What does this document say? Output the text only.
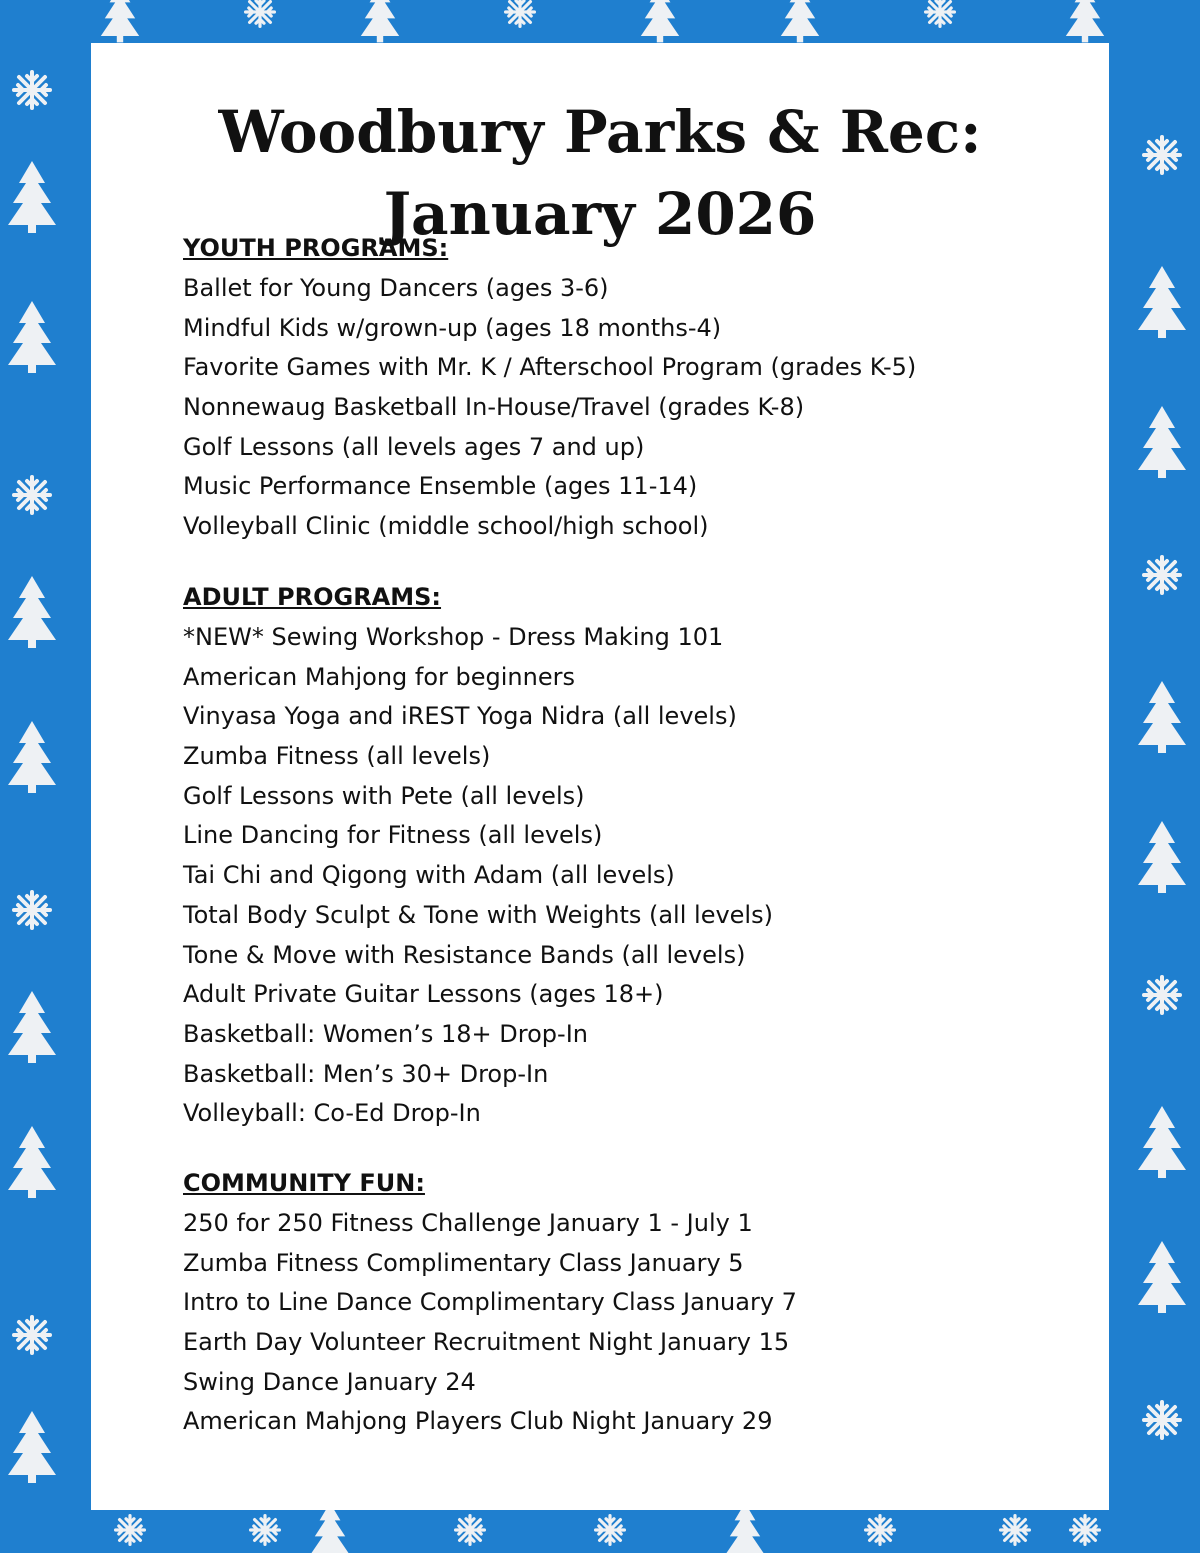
Woodbury Parks & Rec:
January 2026
YOUTH PROGRAMS:
Ballet for Young Dancers (ages 3-6)
Mindful Kids w/grown-up (ages 18 months-4)
Favorite Games with Mr. K / Afterschool Program (grades K-5)
Nonnewaug Basketball In-House/Travel (grades K-8)
Golf Lessons (all levels ages 7 and up)
Music Performance Ensemble (ages 11-14)
Volleyball Clinic (middle school/high school)
ADULT PROGRAMS:
*NEW* Sewing Workshop - Dress Making 101
American Mahjong for beginners
Vinyasa Yoga and iREST Yoga Nidra (all levels)
Zumba Fitness (all levels)
Golf Lessons with Pete (all levels)
Line Dancing for Fitness (all levels)
Tai Chi and Qigong with Adam (all levels)
Total Body Sculpt & Tone with Weights (all levels)
Tone & Move with Resistance Bands (all levels)
Adult Private Guitar Lessons (ages 18+)
Basketball: Women’s 18+ Drop-In
Basketball: Men’s 30+ Drop-In
Volleyball: Co-Ed Drop-In
COMMUNITY FUN:
250 for 250 Fitness Challenge January 1 - July 1
Zumba Fitness Complimentary Class January 5
Intro to Line Dance Complimentary Class January 7
Earth Day Volunteer Recruitment Night January 15
Swing Dance January 24
American Mahjong Players Club Night January 29
